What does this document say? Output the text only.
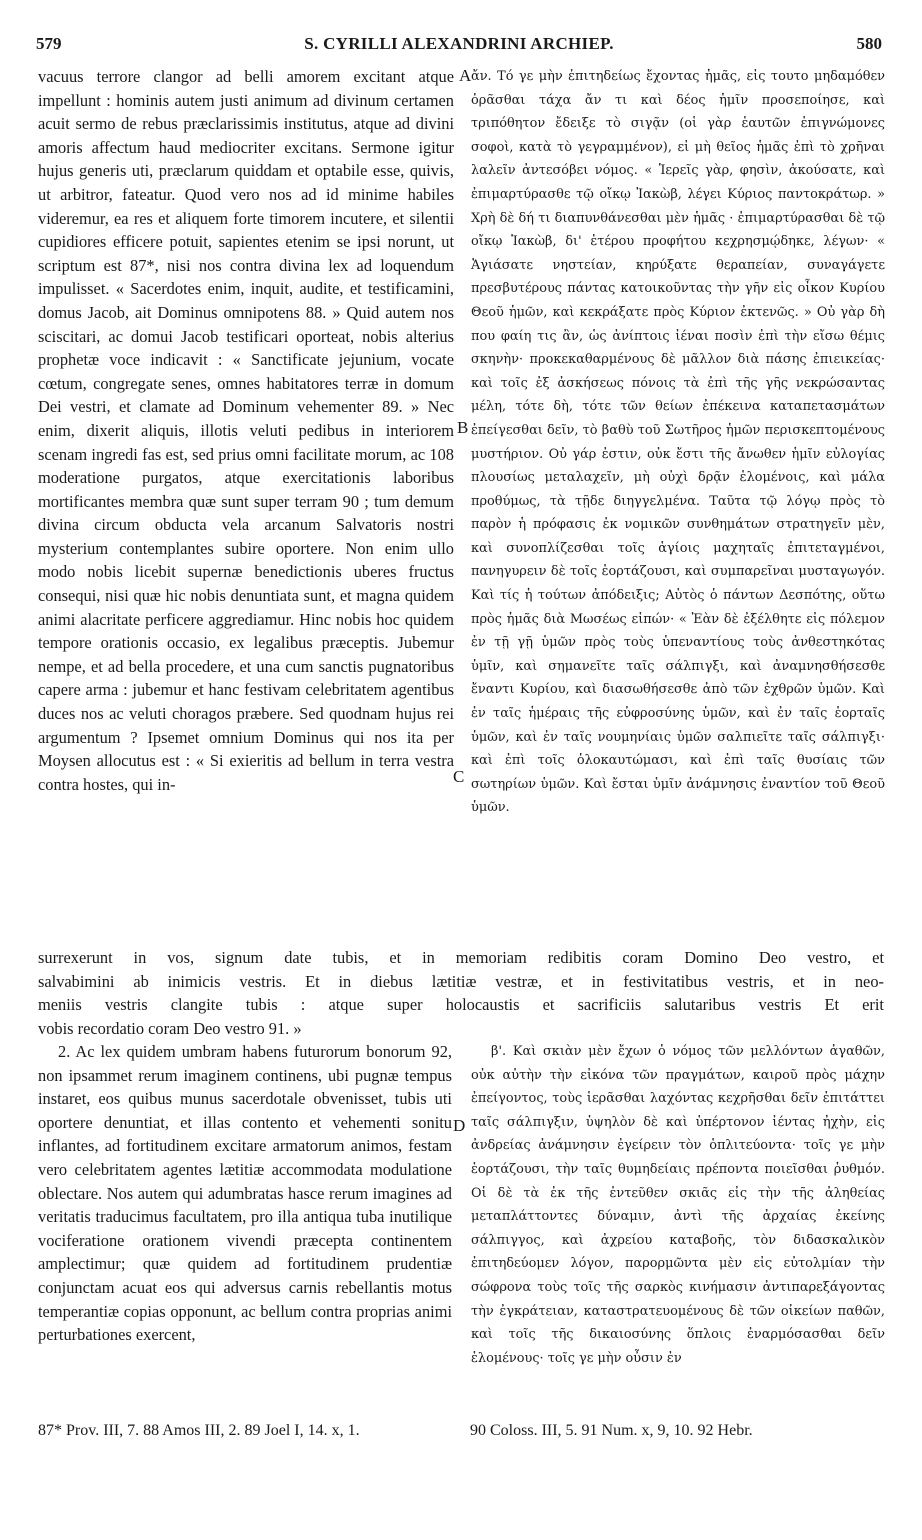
579	S. CYRILLI ALEXANDRINI ARCHIEP.	580
vacuus terrore clangor ad belli amorem excitant atque impellunt : hominis autem justi animum ad divinum certamen acuit sermo de rebus præclarissimis institutus, atque ad divini amoris affectum haud mediocriter excitans. Sermone igitur hujus generis uti, præclarum quiddam et optabile esse, quivis, ut arbitror, fateatur. Quod vero nos ad id minime habiles videremur, ea res et aliquem forte timorem incutere, et silentii cupidiores efficere potuit, sapientes etenim se ipsi norunt, ut scriptum est 87*, nisi nos contra divina lex ad loquendum impulisset. « Sacerdotes enim, inquit, audite, et testificamini, domus Jacob, ait Dominus omnipotens 88. » Quid autem nos sciscitari, ac domui Jacob testificari oporteat, nobis alterius prophetæ voce indicavit : « Sanctificate jejunium, vocate cœtum, congregate senes, omnes habitatores terræ in domum Dei vestri, et clamate ad Dominum vehementer 89. » Nec enim, dixerit aliquis, illotis veluti pedibus in interiorem scenam ingredi fas est, sed prius omni facilitate morum, ac 108 moderatione purgatos, atque exercitationis laboribus mortificantes membra quæ sunt super terram 90 ; tum demum divina circum obducta vela arcanum Salvatoris nostri mysterium contemplantes subire oportere. Non enim ullo modo nobis licebit supernæ benedictionis uberes fructus consequi, nisi quæ hic nobis denuntiata sunt, et magna quidem animi alacritate perficere aggrediamur. Hinc nobis hoc quidem tempore orationis occasio, ex legalibus præceptis. Jubemur nempe, et ad bella procedere, et una cum sanctis pugnatoribus capere arma : jubemur et hanc festivam celebritatem agentibus duces nos ac veluti choragos præbere. Sed quodnam hujus rei argumentum ? Ipsemet omnium Dominus qui nos ita per Moysen allocutus est : « Si exieritis ad bellum in terra vestra contra hostes, qui in-
ἄν. Τό γε μὴν ἐπιτηδείως ἔχοντας ἡμᾶς, εἰς τουτο μηδαμόθεν ὁρᾶσθαι τάχα ἄν τι καὶ δέος ἡμῖν προσεποίησε, καὶ τριπόθητον ἔδειξε τὸ σιγᾷν (οἱ γὰρ ἑαυτῶν ἐπιγνώμονες σοφοὶ, κατὰ τὸ γεγραμμένον), εἰ μὴ θεῖος ἡμᾶς ἐπὶ τὸ χρῆναι λαλεῖν ἀντεσόβει νόμος. « Ἱερεῖς γὰρ, φησὶν, ἀκούσατε, καὶ ἐπιμαρτύρασθε τῷ οἴκῳ Ἰακὼβ, λέγει Κύριος παντοκράτωρ. » Χρὴ δὲ δή τι διαπυνθάνεσθαι μὲν ἡμᾶς · ἐπιμαρτύρασθαι δὲ τῷ οἴκῳ Ἰακὼβ, δι' ἑτέρου προφήτου κεχρησμῴδηκε, λέγων· « Ἁγιάσατε νηστείαν, κηρύξατε θεραπείαν, συναγάγετε πρεσβυτέρους πάντας κατοικοῦντας τὴν γῆν εἰς οἶκον Κυρίου Θεοῦ ἡμῶν, καὶ κεκράξατε πρὸς Κύριον ἐκτενῶς. » Οὐ γὰρ δὴ που φαίη τις ἂν, ὡς ἀνίπτοις ἰέναι ποσὶν ἐπὶ τὴν εἴσω θέμις σκηνὴν· προκεκαθαρμένους δὲ μᾶλλον διὰ πάσης ἐπιεικείας· καὶ τοῖς ἐξ ἀσκήσεως πόνοις τὰ ἐπὶ τῆς γῆς νεκρώσαντας μέλη, τότε δὴ, τότε τῶν θείων ἐπέκεινα καταπετασμάτων ἐπείγεσθαι δεῖν, τὸ βαθὺ τοῦ Σωτῆρος ἡμῶν περισκεπτομένους μυστήριον. Οὐ γάρ ἐστιν, οὐκ ἔστι τῆς ἄνωθεν ἡμῖν εὐλογίας πλουσίως μεταλαχεῖν, μὴ οὐχὶ δρᾷν ἑλομένοις, καὶ μάλα προθύμως, τὰ τῇδε διηγγελμένα. Ταῦτα τῷ λόγῳ πρὸς τὸ παρὸν ἡ πρόφασις ἐκ νομικῶν συνθημάτων στρατηγεῖν μὲν, καὶ συνοπλίζεσθαι τοῖς ἁγίοις μαχηταῖς ἐπιτεταγμένοι, πανηγυρειν δὲ τοῖς ἑορτάζουσι, καὶ συμπαρεῖναι μυσταγωγόν. Καὶ τίς ἡ τούτων ἀπόδειξις; Αὐτὸς ὁ πάντων Δεσπότης, οὕτω πρὸς ἡμᾶς διὰ Μωσέως εἰπών· « Ἐὰν δὲ ἐξέλθητε εἰς πόλεμον ἐν τῇ γῇ ὑμῶν πρὸς τοὺς ὑπεναντίους τοὺς ἀνθεστηκότας ὑμῖν, καὶ σημανεῖτε ταῖς σάλπιγξι, καὶ ἀναμνησθήσεσθε ἔναντι Κυρίου, καὶ διασωθήσεσθε ἀπὸ τῶν ἐχθρῶν ὑμῶν. Καὶ ἐν ταῖς ἡμέραις τῆς εὐφροσύνης ὑμῶν, καὶ ἐν ταῖς ἑορταῖς ὑμῶν, καὶ ἐν ταῖς νουμηνίαις ὑμῶν σαλπιεῖτε ταῖς σάλπιγξι· καὶ ἐπὶ τοῖς ὁλοκαυτώμασι, καὶ ἐπὶ ταῖς θυσίαις τῶν σωτηρίων ὑμῶν. Καὶ ἔσται ὑμῖν ἀνάμνησις ἐναντίον τοῦ Θεοῦ ὑμῶν.
A
B
C
D
surrexerunt in vos, signum date tubis, et in memoriam redibitis coram Domino Deo vestro, et
salvabimini ab inimicis vestris. Et in diebus lætitiæ vestræ, et in festivitatibus vestris, et in neo-
meniis vestris clangite tubis : atque super holocaustis et sacrificiis salutaribus vestris Et erit
vobis recordatio coram Deo vestro 91. »

2. Ac lex quidem umbram habens futurorum bonorum 92, non ipsammet rerum imaginem continens, ubi pugnæ tempus instaret, eos quibus munus sacerdotale obvenisset, tubis uti oportere denuntiat, et illas contento et vehementi sonitu inflantes, ad fortitudinem excitare armatorum animos, festam vero celebritatem agentes lætitiæ accommodata modulatione oblectare. Nos autem qui adumbratas hasce rerum imagines ad veritatis traducimus facultatem, pro illa antiqua tuba inutilique vociferatione orationem vivendi præcepta continentem amplectimur; quæ quidem ad fortitudinem prudentiæ conjunctam acuat eos qui adversus carnis rebellantis motus temperantiæ copias opponunt, ac bellum contra proprias animi perturbationes exercent,

β'. Καὶ σκιὰν μὲν ἔχων ὁ νόμος τῶν μελλόντων ἀγαθῶν, οὐκ αὐτὴν τὴν εἰκόνα τῶν πραγμάτων, καιροῦ πρὸς μάχην ἐπείγοντος, τοὺς ἱερᾶσθαι λαχόντας κεχρῆσθαι δεῖν ἐπιτάττει ταῖς σάλπιγξιν, ὑψηλὸν δὲ καὶ ὑπέρτονον ἰέντας ἠχὴν, εἰς ἀνδρείας ἀνάμνησιν ἐγείρειν τὸν ὁπλιτεύοντα· τοῖς γε μὴν ἑορτάζουσι, τὴν ταῖς θυμηδείαις πρέποντα ποιεῖσθαι ῥυθμόν. Οἱ δὲ τὰ ἐκ τῆς ἐντεῦθεν σκιᾶς εἰς τὴν τῆς ἀληθείας μεταπλάττοντες δύναμιν, ἀντὶ τῆς ἀρχαίας ἐκείνης σάλπιγγος, καὶ ἀχρείου καταβοῆς, τὸν διδασκαλικὸν ἐπιτηδεύομεν λόγον, παρορμῶντα μὲν εἰς εὐτολμίαν τὴν σώφρονα τοὺς τοῖς τῆς σαρκὸς κινήμασιν ἀντιπαρεξάγοντας τὴν ἐγκράτειαν, καταστρατευομένους δὲ τῶν οἰκείων παθῶν, καὶ τοῖς τῆς δικαιοσύνης ὅπλοις ἐναρμόσασθαι δεῖν ἑλομένους· τοῖς γε μὴν οὖσιν ἐν

87* Prov. III, 7. 88 Amos III, 2. 89 Joel I, 14. x, 1.	90 Coloss. III, 5. 91 Num. x, 9, 10. 92 Hebr.
